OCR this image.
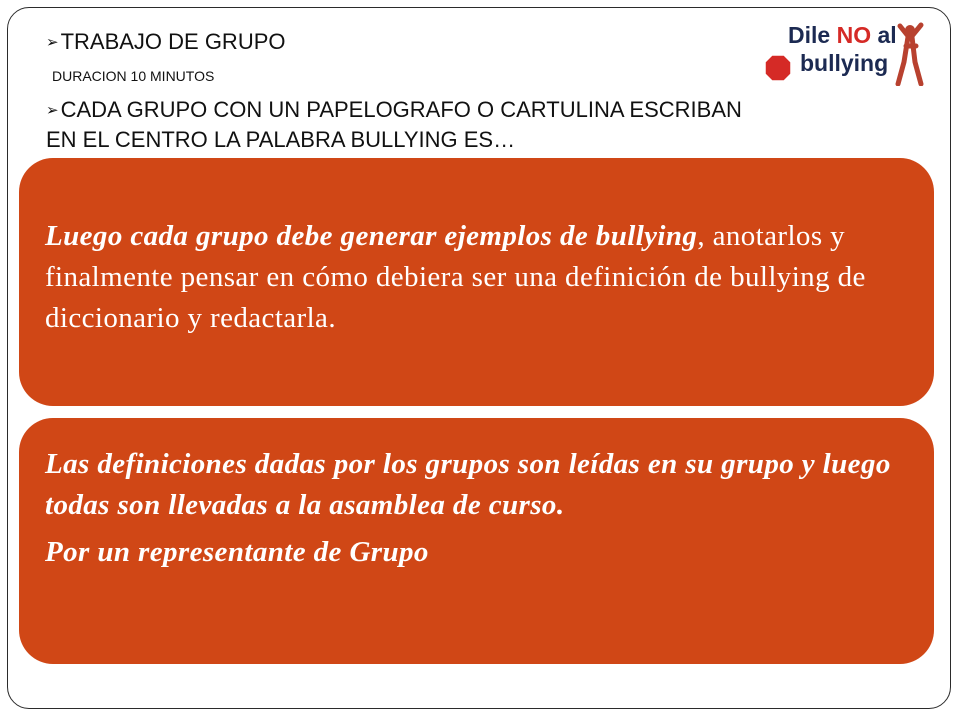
➢TRABAJO DE GRUPO
DURACION 10 MINUTOS
➢CADA GRUPO CON UN PAPELOGRAFO O CARTULINA ESCRIBAN
EN EL CENTRO LA PALABRA BULLYING ES…
Dile NO al
bullying

Luego cada grupo debe generar ejemplos de bullying, anotarlos y finalmente pensar en cómo debiera ser una definición de bullying de diccionario y redactarla.

Las definiciones dadas por los grupos son leídas en su grupo y luego todas son llevadas a la asamblea de curso.

Por un representante de Grupo
